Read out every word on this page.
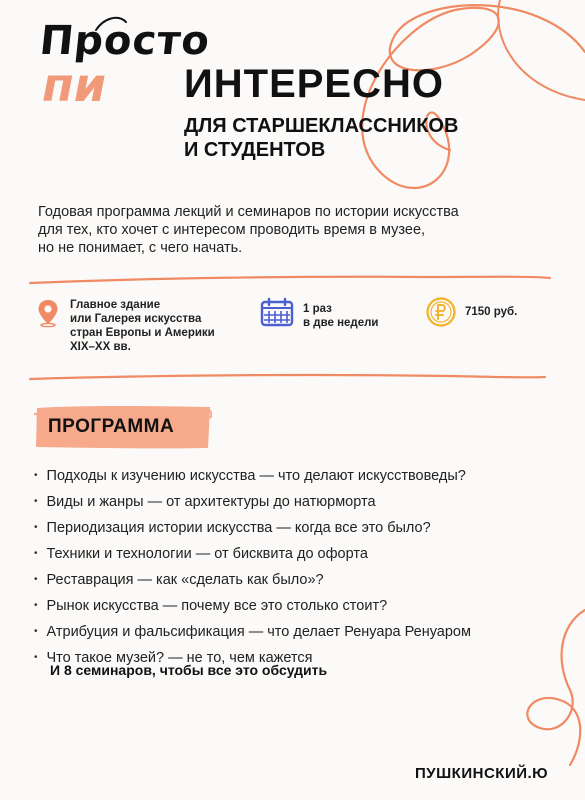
пи
Просто
ИНТЕРЕСНО
ДЛЯ СТАРШЕКЛАССНИКОВ
И СТУДЕНТОВ
Годовая программа лекций и семинаров по истории искусства
для тех, кто хочет с интересом проводить время в музее,
но не понимает, с чего начать.
Главное здание
или Галерея искусства
стран Европы и Америки
XIX–XX вв.
1 раз
в две недели
7150 руб.
ПРОГРАММА
• Подходы к изучению искусства — что делают искусствоведы?
• Виды и жанры — от архитектуры до натюрморта
• Периодизация истории искусства — когда все это было?
• Техники и технологии — от бисквита до офорта
• Реставрация — как «сделать как было»?
• Рынок искусства — почему все это столько стоит?
• Атрибуция и фальсификация — что делает Ренуара Ренуаром
• Что такое музей? — не то, чем кажется
И 8 семинаров, чтобы все это обсудить
ПУШКИНСКИЙ.Ю
